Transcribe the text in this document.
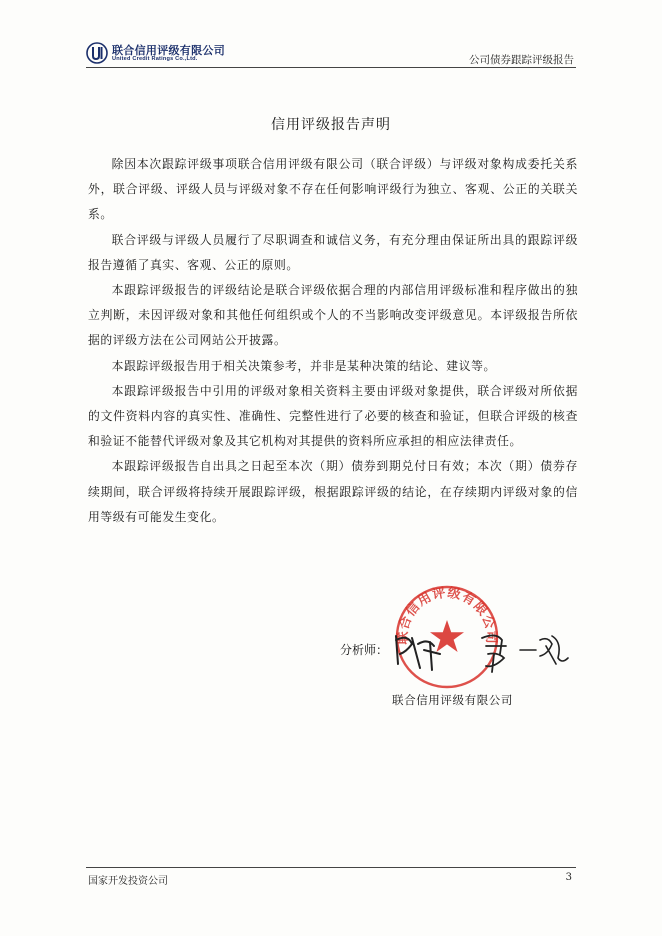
联合信用评级有限公司
United Credit Ratings Co.,Ltd.	公司债券跟踪评级报告
信用评级报告声明

除因本次跟踪评级事项联合信用评级有限公司（联合评级）与评级对象构成委托关系外，联合评级、评级人员与评级对象不存在任何影响评级行为独立、客观、公正的关联关系。

联合评级与评级人员履行了尽职调查和诚信义务，有充分理由保证所出具的跟踪评级报告遵循了真实、客观、公正的原则。

本跟踪评级报告的评级结论是联合评级依据合理的内部信用评级标准和程序做出的独立判断，未因评级对象和其他任何组织或个人的不当影响改变评级意见。本评级报告所依据的评级方法在公司网站公开披露。

本跟踪评级报告用于相关决策参考，并非是某种决策的结论、建议等。

本跟踪评级报告中引用的评级对象相关资料主要由评级对象提供，联合评级对所依据的文件资料内容的真实性、准确性、完整性进行了必要的核查和验证，但联合评级的核查和验证不能替代评级对象及其它机构对其提供的资料所应承担的相应法律责任。

本跟踪评级报告自出具之日起至本次（期）债券到期兑付日有效；本次（期）债券存续期间，联合评级将持续开展跟踪评级，根据跟踪评级的结论，在存续期内评级对象的信用等级有可能发生变化。

联合信用评级有限公司
分析师：
联合信用评级有限公司
国家开发投资公司	3
